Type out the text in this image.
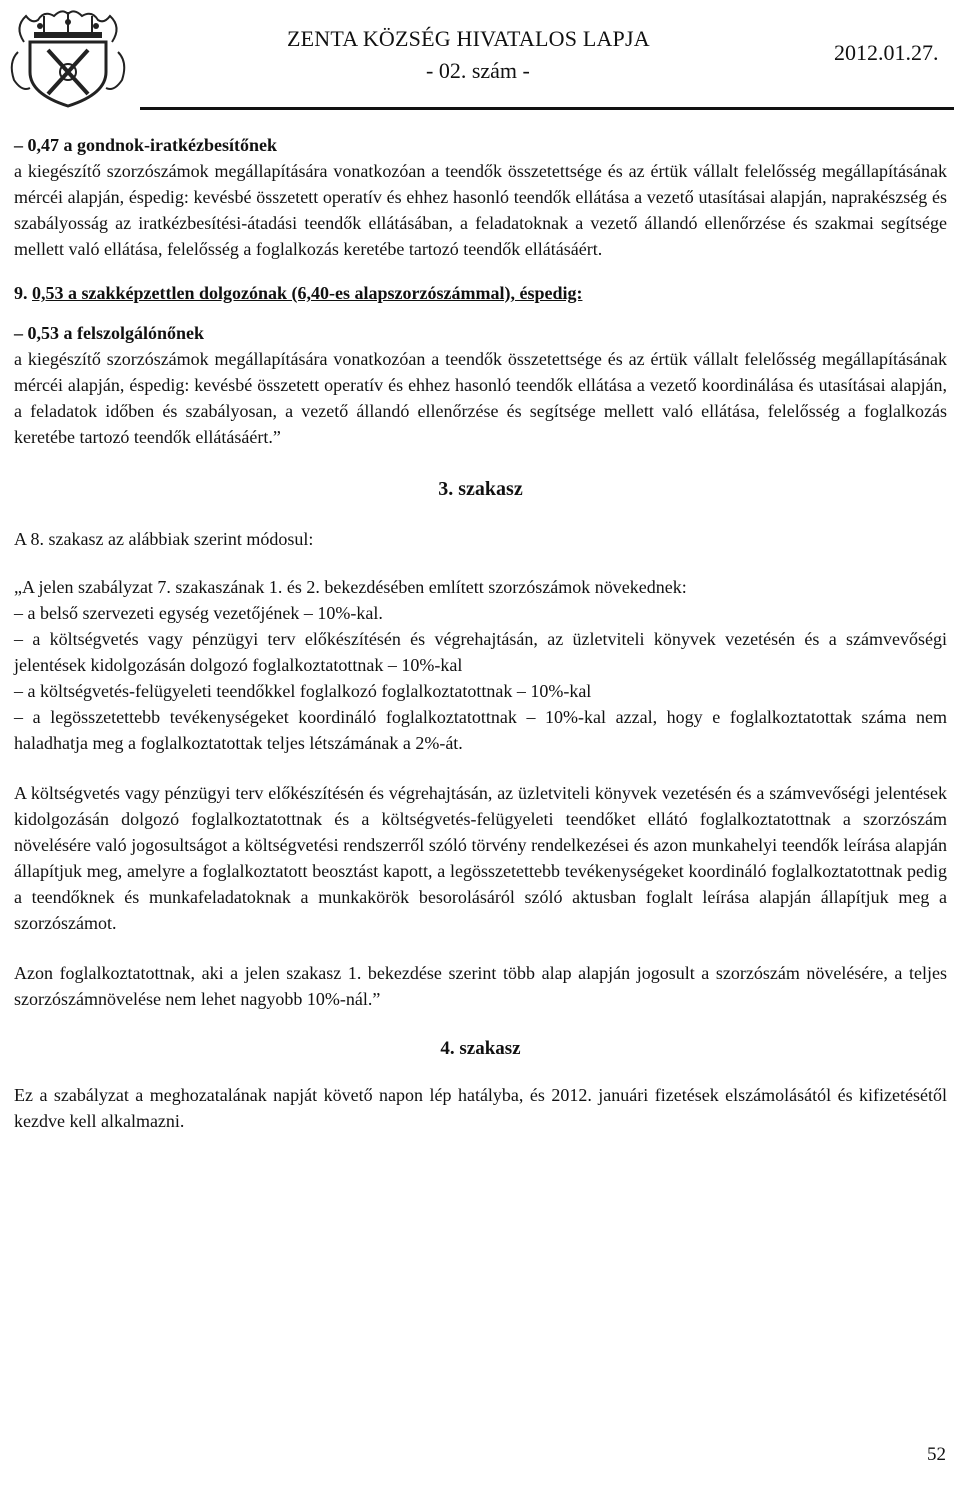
ZENTA KÖZSÉG HIVATALOS LAPJA
- 02. szám -
2012.01.27.

– 0,47 a gondnok-iratkézbesítőnek

a kiegészítő szorzószámok megállapítására vonatkozóan a teendők összetettsége és az értük vállalt felelősség megállapításának mércéi alapján, éspedig: kevésbé összetett operatív és ehhez hasonló teendők ellátása a vezető utasításai alapján, naprakészség és szabályosság az iratkézbesítési-átadási teendők ellátásában, a feladatoknak a vezető állandó ellenőrzése és szakmai segítsége mellett való ellátása, felelősség a foglalkozás keretébe tartozó teendők ellátásáért.

9. 0,53 a szakképzettlen dolgozónak (6,40-es alapszorzószámmal), éspedig:

– 0,53 a felszolgálónőnek

a kiegészítő szorzószámok megállapítására vonatkozóan a teendők összetettsége és az értük vállalt felelősség megállapításának mércéi alapján, éspedig: kevésbé összetett operatív és ehhez hasonló teendők ellátása a vezető koordinálása és utasításai alapján, a feladatok időben és szabályosan, a vezető állandó ellenőrzése és segítsége mellett való ellátása, felelősség a foglalkozás keretébe tartozó teendők ellátásáért.”

3. szakasz
A 8. szakasz az alábbiak szerint módosul:

„A jelen szabályzat 7. szakaszának 1. és 2. bekezdésében említett szorzószámok növekednek:

– a belső szervezeti egység vezetőjének – 10%-kal.

– a költségvetés vagy pénzügyi terv előkészítésén és végrehajtásán, az üzletviteli könyvek vezetésén és a számvevőségi jelentések kidolgozásán dolgozó foglalkoztatottnak – 10%-kal

– a költségvetés-felügyeleti teendőkkel foglalkozó foglalkoztatottnak – 10%-kal

– a legösszetettebb tevékenységeket koordináló foglalkoztatottnak – 10%-kal azzal, hogy e foglalkoztatottak száma nem haladhatja meg a foglalkoztatottak teljes létszámának a 2%-át.

A költségvetés vagy pénzügyi terv előkészítésén és végrehajtásán, az üzletviteli könyvek vezetésén és a számvevőségi jelentések kidolgozásán dolgozó foglalkoztatottnak és a költségvetés-felügyeleti teendőket ellátó foglalkoztatottnak a szorzószám növelésére való jogosultságot a költségvetési rendszerről szóló törvény rendelkezései és azon munkahelyi teendők leírása alapján állapítjuk meg, amelyre a foglalkoztatott beosztást kapott, a legösszetettebb tevékenységeket koordináló foglalkoztatottnak pedig a teendőknek és munkafeladatoknak a munkakörök besorolásáról szóló aktusban foglalt leírása alapján állapítjuk meg a szorzószámot.

Azon foglalkoztatottnak, aki a jelen szakasz 1. bekezdése szerint több alap alapján jogosult a szorzószám növelésére, a teljes szorzószámnövelése nem lehet nagyobb 10%-nál.”

4. szakasz

Ez a szabályzat a meghozatalának napját követő napon lép hatályba, és 2012. januári fizetések elszámolásától és kifizetésétől kezdve kell alkalmazni.

52
